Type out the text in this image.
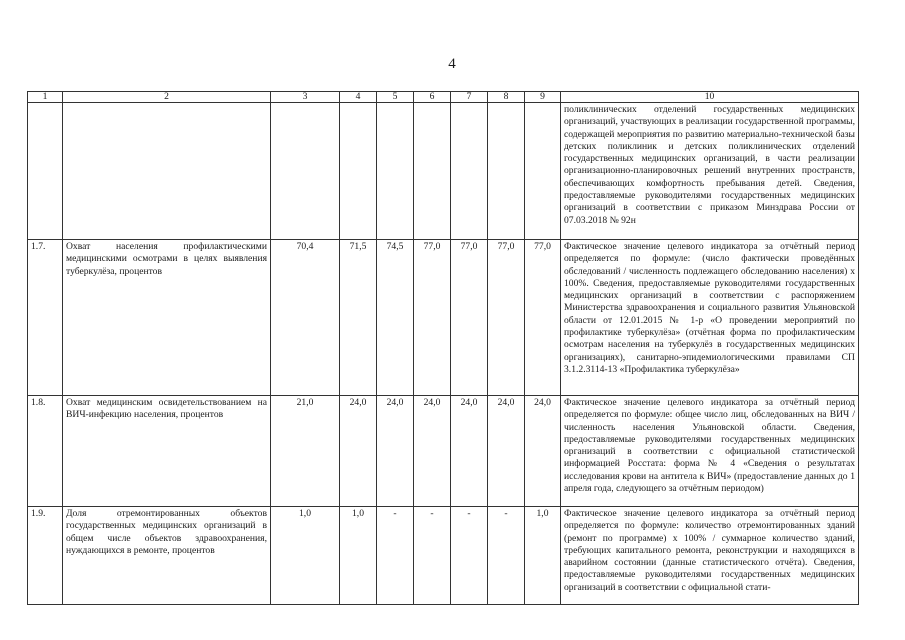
4
1	2	3	4	5	6	7	8	9	10
									поликлинических отделений государственных медицинских организаций, участвующих в реализации государственной программы, содержащей мероприятия по развитию материально-технической базы детских поликлиник и детских поликлинических отделений государственных медицинских организаций, в части реализации организационно-планировочных решений внутренних пространств, обеспечивающих комфортность пребывания детей. Сведения, предоставляемые руководителями государственных медицинских организаций в соответствии с приказом Минздрава России от 07.03.2018 № 92н
1.7.	Охват населения профилактическими медицинскими осмотрами в целях выявления туберкулёза, процентов	70,4	71,5	74,5	77,0	77,0	77,0	77,0	Фактическое значение целевого индикатора за отчётный период определяется по формуле: (число фактически проведённых обследований / численность подлежащего обследованию населения) x 100%. Сведения, предоставляемые руководителями государственных медицинских организаций в соответствии с распоряжением Министерства здравоохранения и социального развития Ульяновской области от 12.01.2015 № 1-р «О проведении мероприятий по профилактике туберкулёза» (отчётная форма по профилактическим осмотрам населения на туберкулёз в государственных медицинских организациях), санитарно-эпидемиологическими правилами СП 3.1.2.3114-13 «Профилактика туберкулёза»
1.8.	Охват медицинским освидетельствованием на ВИЧ-инфекцию населения, процентов	21,0	24,0	24,0	24,0	24,0	24,0	24,0	Фактическое значение целевого индикатора за отчётный период определяется по формуле: общее число лиц, обследованных на ВИЧ / численность населения Ульяновской области. Сведения, предоставляемые руководителями государственных медицинских организаций в соответствии с официальной статистической информацией Росстата: форма № 4 «Сведения о результатах исследования крови на антитела к ВИЧ» (предоставление данных до 1 апреля года, следующего за отчётным периодом)
1.9.	Доля отремонтированных объектов государственных медицинских организаций в общем числе объектов здравоохранения, нуждающихся в ремонте, процентов	1,0	1,0	-	-	-	-	1,0	Фактическое значение целевого индикатора за отчётный период определяется по формуле: количество отремонтированных зданий (ремонт по программе) x 100% / суммарное количество зданий, требующих капитального ремонта, реконструкции и находящихся в аварийном состоянии (данные статистического отчёта). Сведения, предоставляемые руководителями государственных медицинских организаций в соответствии с официальной стати-
